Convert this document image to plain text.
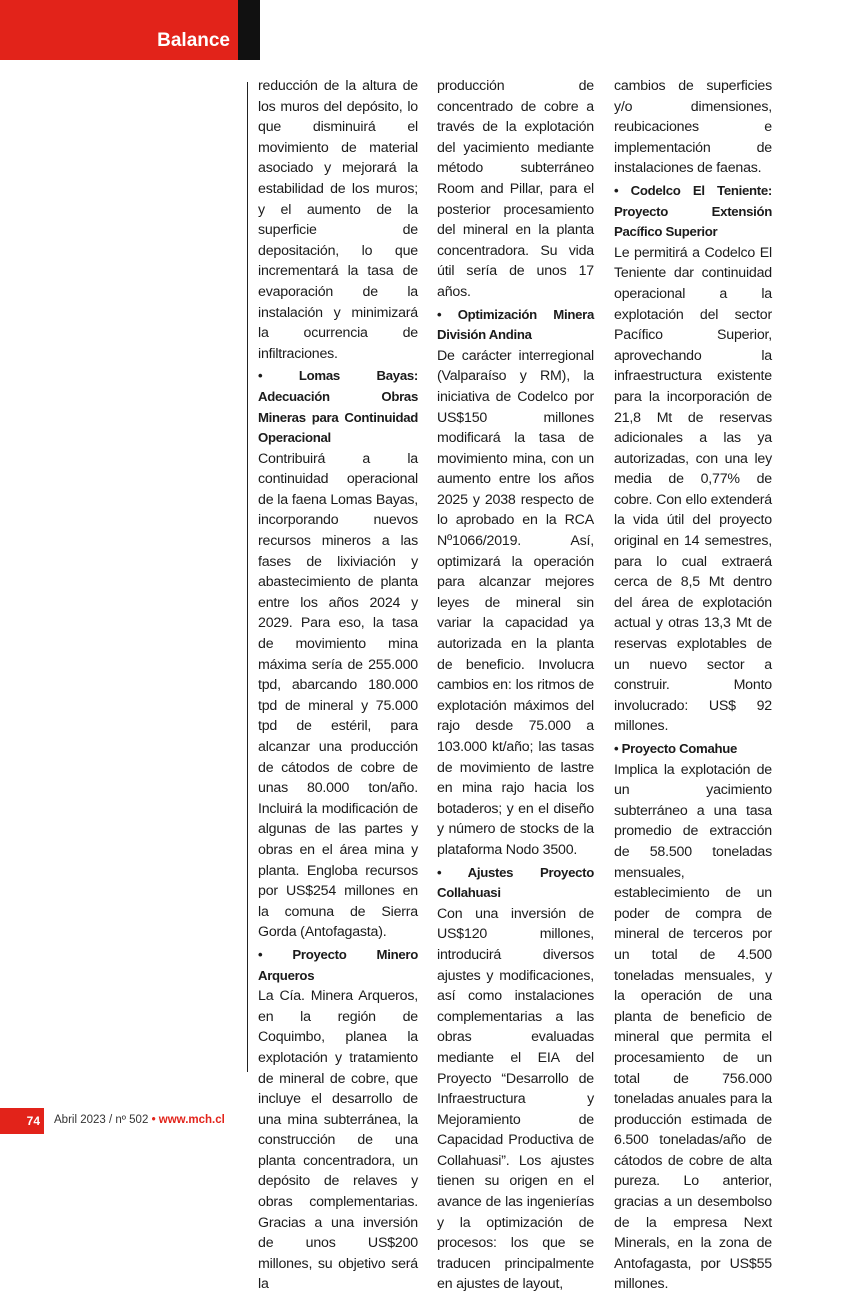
Balance

reducción de la altura de los muros del depósito, lo que disminuirá el movimiento de material asociado y mejorará la estabilidad de los muros; y el aumento de la superficie de depositación, lo que incrementará la tasa de evaporación de la instalación y minimizará la ocurrencia de infiltraciones.

• Lomas Bayas: Adecuación Obras Mineras para Continuidad Operacional

Contribuirá a la continuidad operacional de la faena Lomas Bayas, incorporando nuevos recursos mineros a las fases de lixiviación y abastecimiento de planta entre los años 2024 y 2029. Para eso, la tasa de movimiento mina máxima sería de 255.000 tpd, abarcando 180.000 tpd de mineral y 75.000 tpd de estéril, para alcanzar una producción de cátodos de cobre de unas 80.000 ton/año. Incluirá la modificación de algunas de las partes y obras en el área mina y planta. Engloba recursos por US$254 millones en la comuna de Sierra Gorda (Antofagasta).

• Proyecto Minero Arqueros

La Cía. Minera Arqueros, en la región de Coquimbo, planea la explotación y tratamiento de mineral de cobre, que incluye el desarrollo de una mina subterránea, la construcción de una planta concentradora, un depósito de relaves y obras complementarias. Gracias a una inversión de unos US$200 millones, su objetivo será la

producción de concentrado de cobre a través de la explotación del yacimiento mediante método subterráneo Room and Pillar, para el posterior procesamiento del mineral en la planta concentradora. Su vida útil sería de unos 17 años.

• Optimización Minera División Andina

De carácter interregional (Valparaíso y RM), la iniciativa de Codelco por US$150 millones modificará la tasa de movimiento mina, con un aumento entre los años 2025 y 2038 respecto de lo aprobado en la RCA Nº1066/2019. Así, optimizará la operación para alcanzar mejores leyes de mineral sin variar la capacidad ya autorizada en la planta de beneficio. Involucra cambios en: los ritmos de explotación máximos del rajo desde 75.000 a 103.000 kt/año; las tasas de movimiento de lastre en mina rajo hacia los botaderos; y en el diseño y número de stocks de la plataforma Nodo 3500.

• Ajustes Proyecto Collahuasi

Con una inversión de US$120 millones, introducirá diversos ajustes y modificaciones, así como instalaciones complementarias a las obras evaluadas mediante el EIA del Proyecto “Desarrollo de Infraestructura y Mejoramiento de Capacidad Productiva de Collahuasi”. Los ajustes tienen su origen en el avance de las ingenierías y la optimización de procesos: los que se traducen principalmente en ajustes de layout,

cambios de superficies y/o dimensiones, reubicaciones e implementación de instalaciones de faenas.

• Codelco El Teniente: Proyecto Extensión Pacífico Superior

Le permitirá a Codelco El Teniente dar continuidad operacional a la explotación del sector Pacífico Superior, aprovechando la infraestructura existente para la incorporación de 21,8 Mt de reservas adicionales a las ya autorizadas, con una ley media de 0,77% de cobre. Con ello extenderá la vida útil del proyecto original en 14 semestres, para lo cual extraerá cerca de 8,5 Mt dentro del área de explotación actual y otras 13,3 Mt de reservas explotables de un nuevo sector a construir. Monto involucrado: US$ 92 millones.

• Proyecto Comahue

Implica la explotación de un yacimiento subterráneo a una tasa promedio de extracción de 58.500 toneladas mensuales, establecimiento de un poder de compra de mineral de terceros por un total de 4.500 toneladas mensuales, y la operación de una planta de beneficio de mineral que permita el procesamiento de un total de 756.000 toneladas anuales para la producción estimada de 6.500 toneladas/año de cátodos de cobre de alta pureza. Lo anterior, gracias a un desembolso de la empresa Next Minerals, en la zona de Antofagasta, por US$55 millones.

74	Abril 2023 / nº 502 • www.mch.cl
